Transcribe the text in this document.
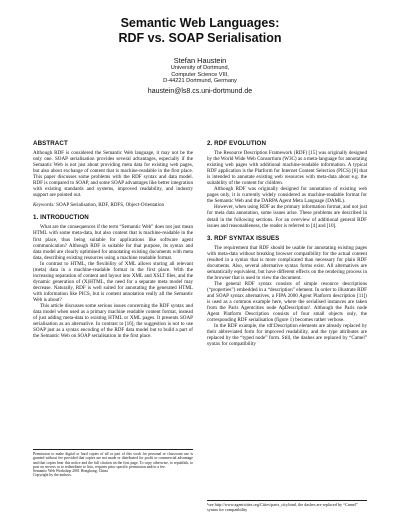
Semantic Web Languages:
RDF vs. SOAP Serialisation
Stefan Haustein
University of Dortmund,
Computer Science VIII,
D-44221 Dortmund, Germany
haustein@ls8.cs.uni-dortmund.de
ABSTRACT

Although RDF is considered the Semantic Web language, it may not be the only one. SOAP serialisation provides several advantages, especially if the Semantic Web is not just about providing meta data for existing web pages, but also about exchange of content that is machine-readable in the first place. This paper discusses some problems with the RDF syntax and data model. RDF is compared to SOAP, and some SOAP advantages like better integration with existing standards and systems, improved readability, and industry support are pointed out.

Keywords: SOAP Serialisation, RDF, RDFS, Object-Orientation

1. INTRODUCTION

What are the consequences if the term “Semantic Web” does not just mean HTML with some meta-data, but also content that is machine-readable in the first place, thus being suitable for applications like software agent communication? Although RDF is suitable for that purpose, its syntax and data model are clearly optimised for annotating existing documents with meta data, describing existing resources using a machine readable format.

In contrast to HTML, the flexibility of XML allows storing all relevant (meta) data in a machine-readable format in the first place. With the increasing separation of content and layout into XML and XSLT files, and the dynamic generation of (X)HTML, the need for a separate meta model may decrease. Naturally, RDF is well suited for annotating the generated HTML with information like PICS, but is content annotation really all the Semantic Web is about?

This article discusses some serious issues concerning the RDF syntax and data model when used as a primary machine readable content format, instead of just adding meta-data to existing HTML or XML pages. It presents SOAP serialisation as an alternative. In contrast to [16], the suggestion is not to use SOAP just as a syntax encoding of the RDF data model but to build a part of the Semantic Web on SOAP serialisation in the first place.

Permission to make digital or hard copies of all or part of this work for personal or classroom use is granted without fee provided that copies are not made or distributed for profit or commercial advantage and that copies bear this notice and the full citation on the first page. To copy otherwise, to republish, to post on servers or to redistribute to lists, requires prior specific permission and/or a fee.
Semantic Web Workshop 2001 Hongkong, China
Copyright by the authors.
2. RDF EVOLUTION

The Resource Description Framework (RDF) [15] was originally designed by the World Wide Web Consortium (W3C) as a meta-language for annotating existing web pages with additional machine-readable information. A typical RDF application is the Platform for Internet Content Selection (PICS) [6] that is intended to annotate existing web resources with meta-data about e.g. the suitability of the content for children.

Although RDF was originally designed for annotation of existing web pages only, it is currently widely considered as machine-readable format for the Semantic Web and the DARPA Agent Meta Language (DAML).

However, when using RDF as the primary information format, and not just for meta data annotation, some issues arise. These problems are described in detail in the following sections. For an overview of additional general RDF issues and reasonableness, the reader is referred to [4] and [10].

3. RDF SYNTAX ISSUES

The requirement that RDF should be usable for annotating existing pages with meta-data without breaking browser compatibility for the actual content resulted in a syntax that is more complicated than necessary for plain RDF documents. Also, several alternative syntax forms exist. All alternatives are semantically equivalent, but have different effects on the rendering process in the browser that is used to view the document.

The general RDF syntax consists of simple resource descriptions (“properties”) embedded in a “description” element. In order to illustrate RDF and SOAP syntax alternatives, a FIPA 2000 Agent Platform description [11]) is used as a common example here, where the serialised instances are taken from the Paris Agentcities node ApDescription¹. Although the Paris node Agent Platform Description consists of four small objects only, the corresponding RDF serialisation (figure 1) becomes rather verbose.

In the RDF example, the rdf:Description elements are already replaced by their abbreviated form for improved readability, and the type attributes are replaced by the “typed node” form. Still, the dashes are replaced by “Camel” syntax for compatibility

¹see http://www.agentcities.org/Cities/paris_city.html, the dashes are replaced by “Camel” syntax for compatibility
